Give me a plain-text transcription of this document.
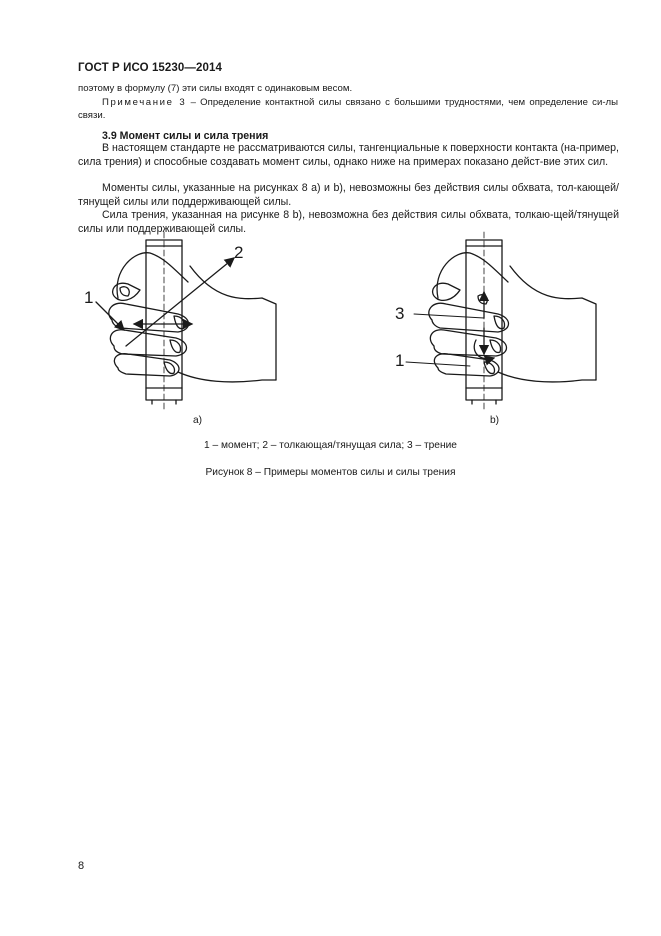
ГОСТ Р ИСО 15230—2014
поэтому в формулу (7) эти силы входят с одинаковым весом.
Примечание 3 – Определение контактной силы связано с большими трудностями, чем определение си-лы связи.
3.9 Момент силы и сила трения
В настоящем стандарте не рассматриваются силы, тангенциальные к поверхности контакта (на-пример, сила трения) и способные создавать момент силы, однако ниже на примерах показано дейст-вие этих сил.
Моменты силы, указанные на рисунках 8 а) и b), невозможны без действия силы обхвата, тол-кающей/тянущей силы или поддерживающей силы.
Сила трения, указанная на рисунке 8 b), невозможна без действия силы обхвата, толкаю-щей/тянущей силы или поддерживающей силы.
1
2
3
1
a)	b)
1 – момент; 2 – толкающая/тянущая сила; 3 – трение
Рисунок 8 – Примеры моментов силы и силы трения
8
